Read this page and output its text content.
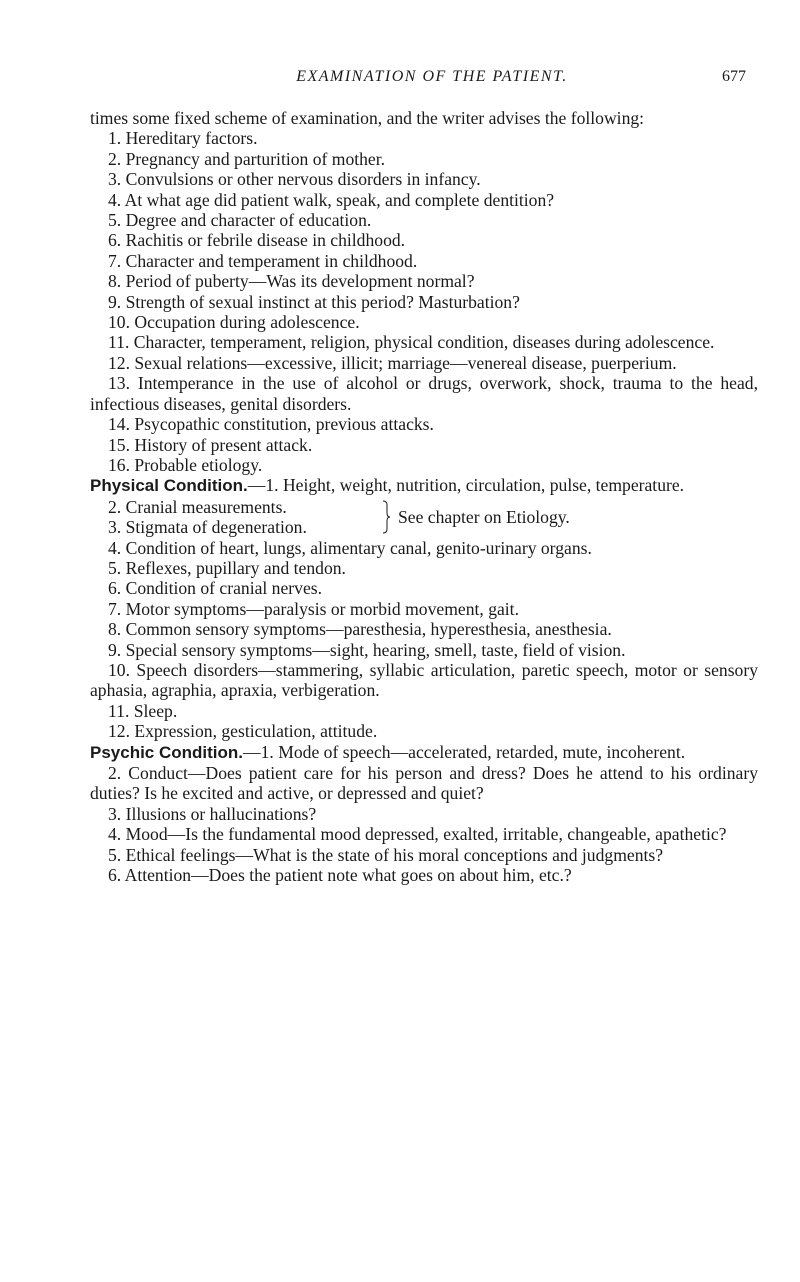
EXAMINATION OF THE PATIENT.	677

times some fixed scheme of examination, and the writer advises the following:

1. Hereditary factors.

2. Pregnancy and parturition of mother.

3. Convulsions or other nervous disorders in infancy.

4. At what age did patient walk, speak, and complete dentition?

5. Degree and character of education.

6. Rachitis or febrile disease in childhood.

7. Character and temperament in childhood.

8. Period of puberty—Was its development normal?

9. Strength of sexual instinct at this period? Masturbation?

10. Occupation during adolescence.

11. Character, temperament, religion, physical condition, diseases during adolescence.

12. Sexual relations—excessive, illicit; marriage—venereal disease, puerperium.

13. Intemperance in the use of alcohol or drugs, overwork, shock, trauma to the head, infectious diseases, genital disorders.

14. Psycopathic constitution, previous attacks.

15. History of present attack.

16. Probable etiology.

Physical Condition.—1. Height, weight, nutrition, circulation, pulse, temperature.

2. Cranial measurements.
3. Stigmata of degeneration.
See chapter on Etiology.

4. Condition of heart, lungs, alimentary canal, genito-urinary organs.

5. Reflexes, pupillary and tendon.

6. Condition of cranial nerves.

7. Motor symptoms—paralysis or morbid movement, gait.

8. Common sensory symptoms—paresthesia, hyperesthesia, anesthesia.

9. Special sensory symptoms—sight, hearing, smell, taste, field of vision.

10. Speech disorders—stammering, syllabic articulation, paretic speech, motor or sensory aphasia, agraphia, apraxia, verbigeration.

11. Sleep.

12. Expression, gesticulation, attitude.

Psychic Condition.—1. Mode of speech—accelerated, retarded, mute, incoherent.

2. Conduct—Does patient care for his person and dress? Does he attend to his ordinary duties? Is he excited and active, or depressed and quiet?

3. Illusions or hallucinations?

4. Mood—Is the fundamental mood depressed, exalted, irritable, changeable, apathetic?

5. Ethical feelings—What is the state of his moral conceptions and judgments?

6. Attention—Does the patient note what goes on about him, etc.?
